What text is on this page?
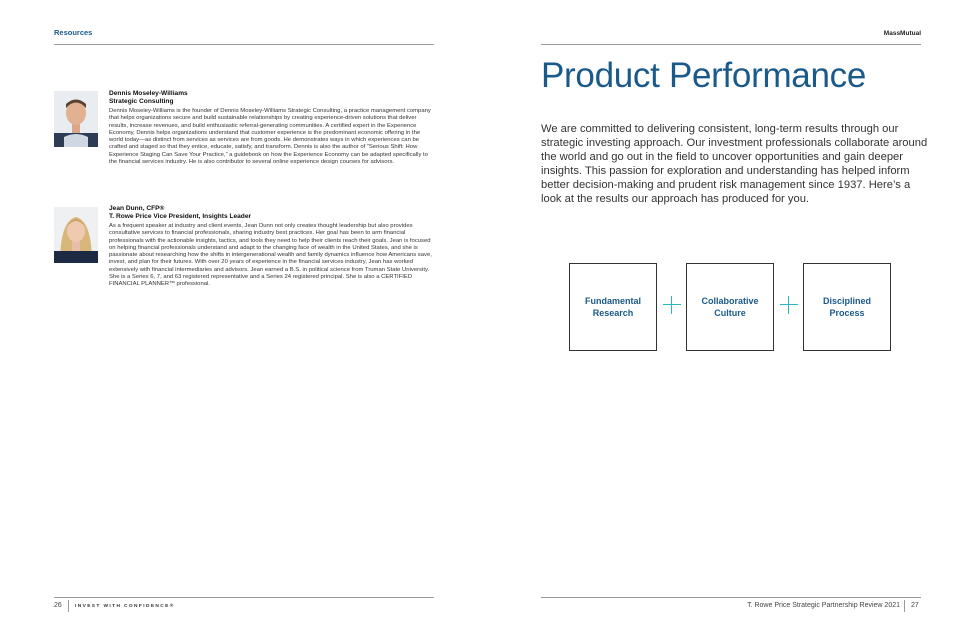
Resources
Dennis Moseley-Williams
Strategic Consulting
Dennis Moseley-Williams is the founder of Dennis Moseley-Williams Strategic Consulting, a practice management company that helps organizations secure and build sustainable relationships by creating experience-driven solutions that deliver results, increase revenues, and build enthusiastic referral-generating communities. A certified expert in the Experience Economy, Dennis helps organizations understand that customer experience is the predominant economic offering in the world today—as distinct from services as services are from goods. He demonstrates ways in which experiences can be crafted and staged so that they entice, educate, satisfy, and transform. Dennis is also the author of “Serious Shift: How Experience Staging Can Save Your Practice,” a guidebook on how the Experience Economy can be adapted specifically to the financial services industry. He is also contributor to several online experience design courses for advisors.
Jean Dunn, CFP®
T. Rowe Price Vice President, Insights Leader
As a frequent speaker at industry and client events, Jean Dunn not only creates thought leadership but also provides consultative services to financial professionals, sharing industry best practices. Her goal has been to arm financial professionals with the actionable insights, tactics, and tools they need to help their clients reach their goals. Jean is focused on helping financial professionals understand and adapt to the changing face of wealth in the United States, and she is passionate about researching how the shifts in intergenerational wealth and family dynamics influence how Americans save, invest, and plan for their futures. With over 20 years of experience in the financial services industry, Jean has worked extensively with financial intermediaries and advisors. Jean earned a B.S. in political science from Truman State University. She is a Series 6, 7, and 63 registered representative and a Series 24 registered principal. She is also a CERTIFIED FINANCIAL PLANNER™ professional.
26	INVEST WITH CONFIDENCE®
MassMutual
Product Performance
We are committed to delivering consistent, long-term results through our strategic investing approach. Our investment professionals collaborate around the world and go out in the field to uncover opportunities and gain deeper insights. This passion for exploration and understanding has helped inform better decision-making and prudent risk management since 1937. Here’s a look at the results our approach has produced for you.
Fundamental
Research
Collaborative
Culture
Disciplined
Process
T. Rowe Price Strategic Partnership Review 2021 27
